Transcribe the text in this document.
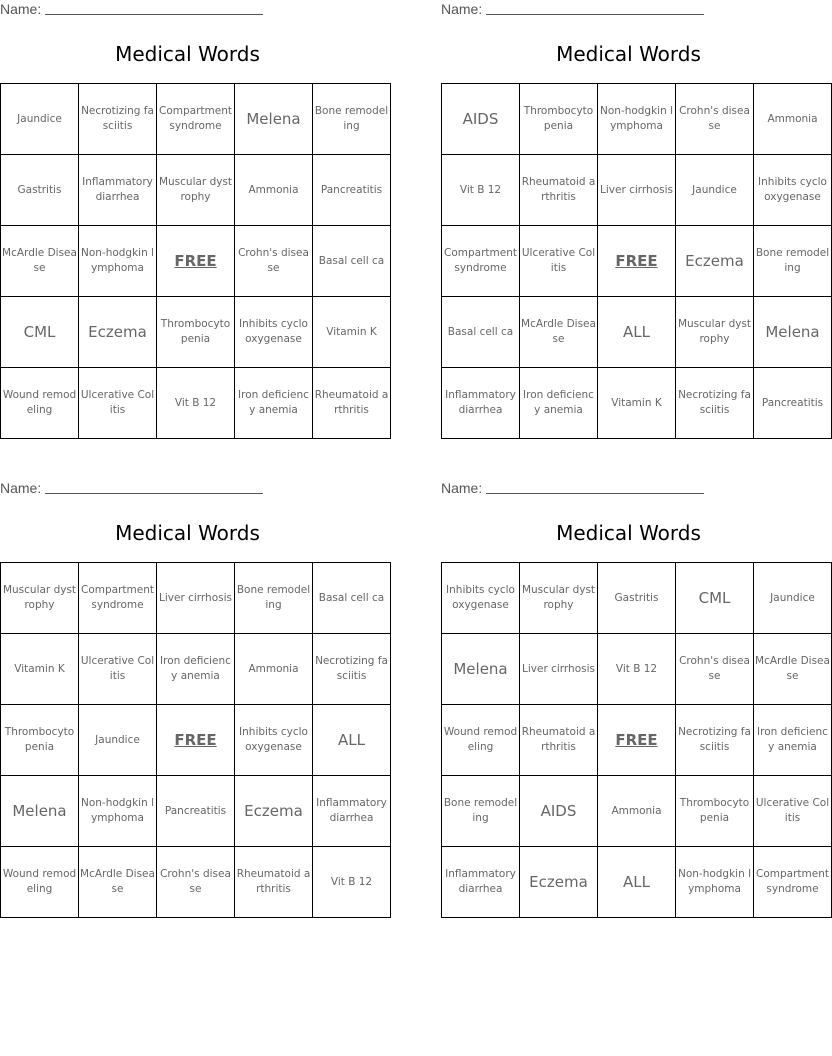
Name:
Medical Words
Jaundice	Necrotizing fasciitis	Compartment syndrome	Melena	Bone remodeling
Gastritis	Inflammatory diarrhea	Muscular dystrophy	Ammonia	Pancreatitis
McArdle Disease	Non-hodgkin lymphoma	FREE	Crohn's disease	Basal cell ca
CML	Eczema	Thrombocytopenia	Inhibits cyclooxygenase	Vitamin K
Wound remodeling	Ulcerative Colitis	Vit B 12	Iron deficiency anemia	Rheumatoid arthritis
Name:
Medical Words
AIDS	Thrombocytopenia	Non-hodgkin lymphoma	Crohn's disease	Ammonia
Vit B 12	Rheumatoid arthritis	Liver cirrhosis	Jaundice	Inhibits cyclooxygenase
Compartment syndrome	Ulcerative Colitis	FREE	Eczema	Bone remodeling
Basal cell ca	McArdle Disease	ALL	Muscular dystrophy	Melena
Inflammatory diarrhea	Iron deficiency anemia	Vitamin K	Necrotizing fasciitis	Pancreatitis
Name:
Medical Words
Muscular dystrophy	Compartment syndrome	Liver cirrhosis	Bone remodeling	Basal cell ca
Vitamin K	Ulcerative Colitis	Iron deficiency anemia	Ammonia	Necrotizing fasciitis
Thrombocytopenia	Jaundice	FREE	Inhibits cyclooxygenase	ALL
Melena	Non-hodgkin lymphoma	Pancreatitis	Eczema	Inflammatory diarrhea
Wound remodeling	McArdle Disease	Crohn's disease	Rheumatoid arthritis	Vit B 12
Name:
Medical Words
Inhibits cyclooxygenase	Muscular dystrophy	Gastritis	CML	Jaundice
Melena	Liver cirrhosis	Vit B 12	Crohn's disease	McArdle Disease
Wound remodeling	Rheumatoid arthritis	FREE	Necrotizing fasciitis	Iron deficiency anemia
Bone remodeling	AIDS	Ammonia	Thrombocytopenia	Ulcerative Colitis
Inflammatory diarrhea	Eczema	ALL	Non-hodgkin lymphoma	Compartment syndrome
